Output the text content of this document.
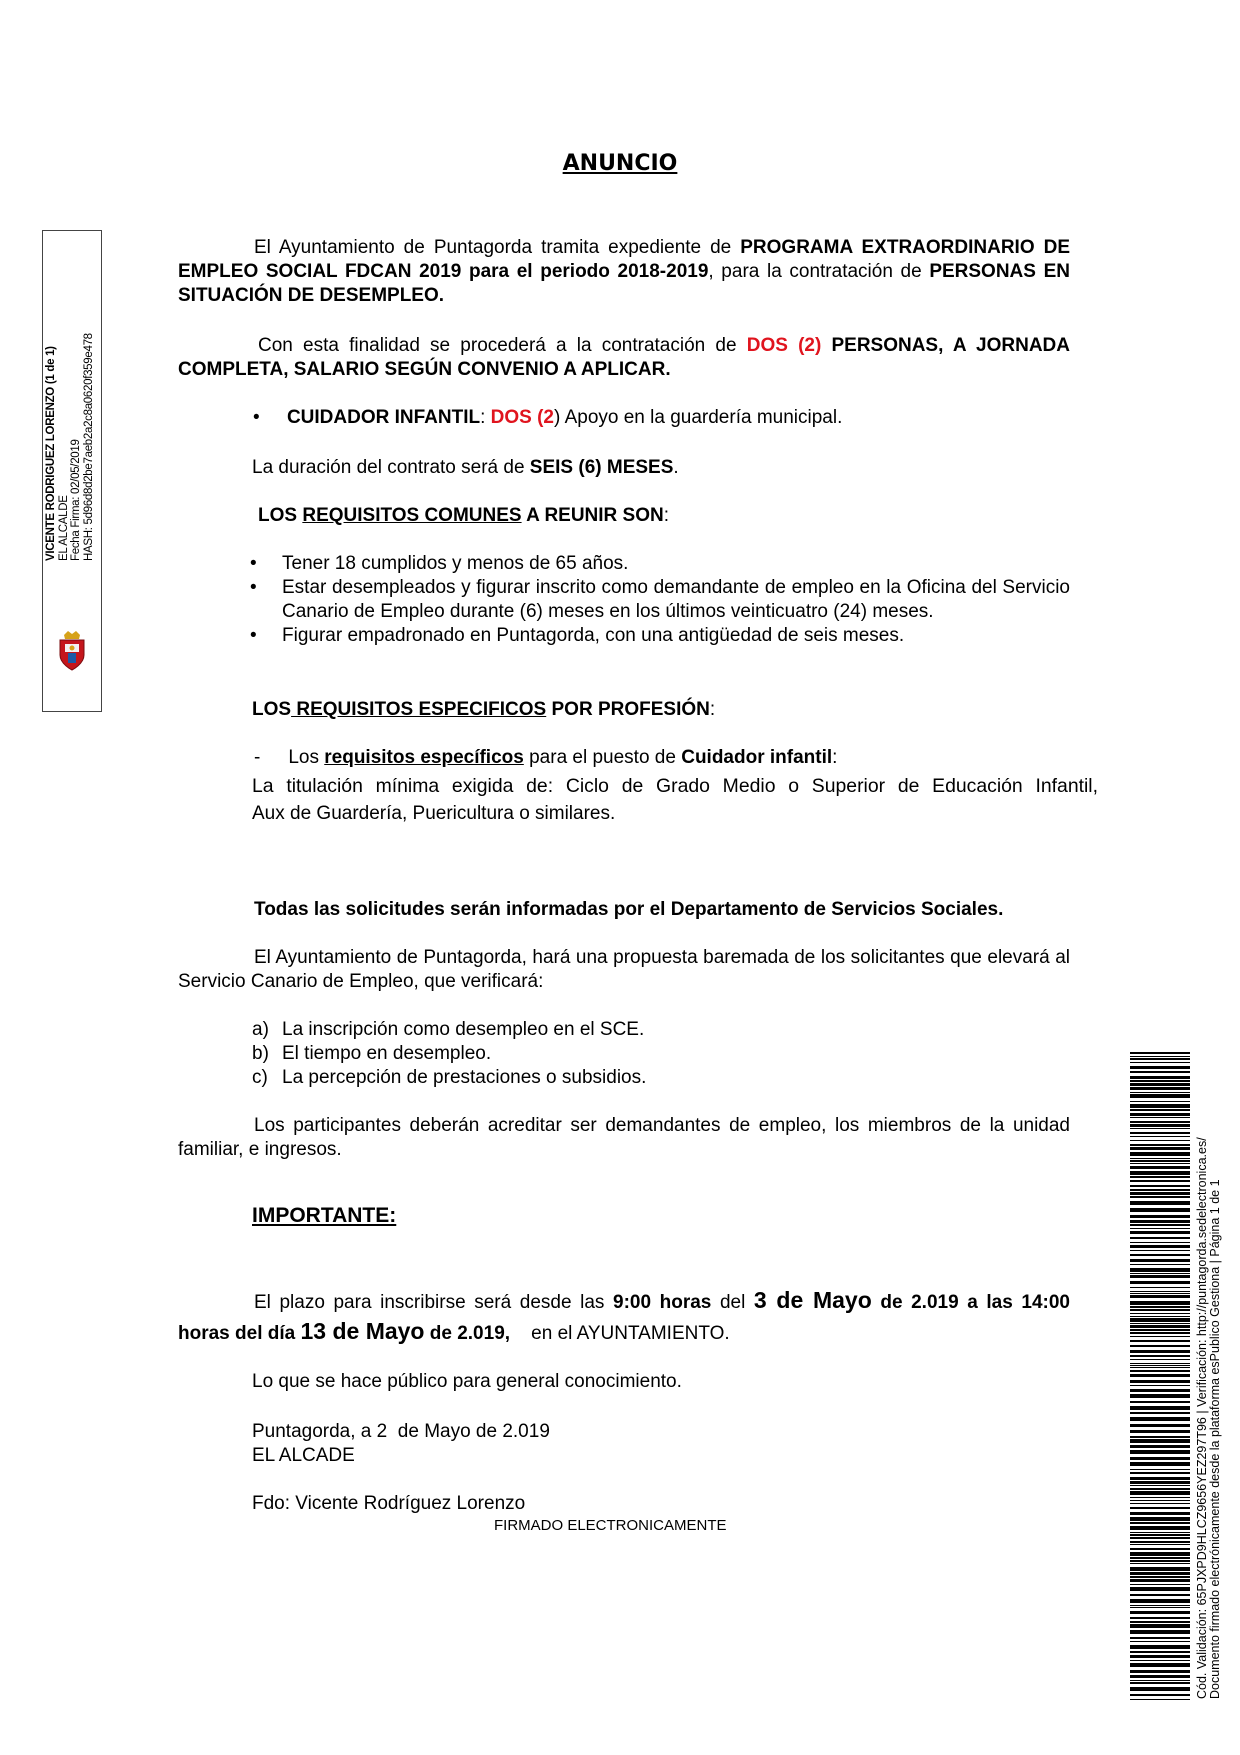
ANUNCIO
VICENTE RODRIGUEZ LORENZO (1 de 1) EL ALCALDE Fecha Firma: 02/05/2019 HASH: 5d96d8d2be7aeb2a2c8a0620f359e478
El Ayuntamiento de Puntagorda tramita expediente de PROGRAMA EXTRAORDINARIO DE EMPLEO SOCIAL FDCAN 2019 para el periodo 2018-2019, para la contratación de PERSONAS EN SITUACIÓN DE DESEMPLEO.
Con esta finalidad se procederá a la contratación de DOS (2) PERSONAS, A JORNADA COMPLETA, SALARIO SEGÚN CONVENIO A APLICAR.
• CUIDADOR INFANTIL: DOS (2) Apoyo en la guardería municipal.
La duración del contrato será de SEIS (6) MESES.
LOS REQUISITOS COMUNES A REUNIR SON:
• Tener 18 cumplidos y menos de 65 años.
• Estar desempleados y figurar inscrito como demandante de empleo en la Oficina del Servicio Canario de Empleo durante (6) meses en los últimos veinticuatro (24) meses.
• Figurar empadronado en Puntagorda, con una antigüedad de seis meses.
LOS REQUISITOS ESPECIFICOS POR PROFESIÓN:
- Los requisitos específicos para el puesto de Cuidador infantil:
La titulación mínima exigida de: Ciclo de Grado Medio o Superior de Educación Infantil,
Aux de Guardería, Puericultura o similares.
Todas las solicitudes serán informadas por el Departamento de Servicios Sociales.
El Ayuntamiento de Puntagorda, hará una propuesta baremada de los solicitantes que elevará al Servicio Canario de Empleo, que verificará:
a) La inscripción como desempleo en el SCE.
b) El tiempo en desempleo.
c) La percepción de prestaciones o subsidios.
Los participantes deberán acreditar ser demandantes de empleo, los miembros de la unidad familiar, e ingresos.
IMPORTANTE:
El plazo para inscribirse será desde las 9:00 horas del 3 de Mayo de 2.019 a las 14:00 horas del día 13 de Mayo de 2.019,    en el AYUNTAMIENTO.
Lo que se hace público para general conocimiento.
Puntagorda, a 2  de Mayo de 2.019
EL ALCADE
Fdo: Vicente Rodríguez Lorenzo
FIRMADO ELECTRONICAMENTE	Cód. Validación: 65PJXPD9HLCZ9656YEZ297T96 | Verificación: http://puntagorda.sedelectronica.es/ Documento firmado electrónicamente desde la plataforma esPublico Gestiona | Página 1 de 1
